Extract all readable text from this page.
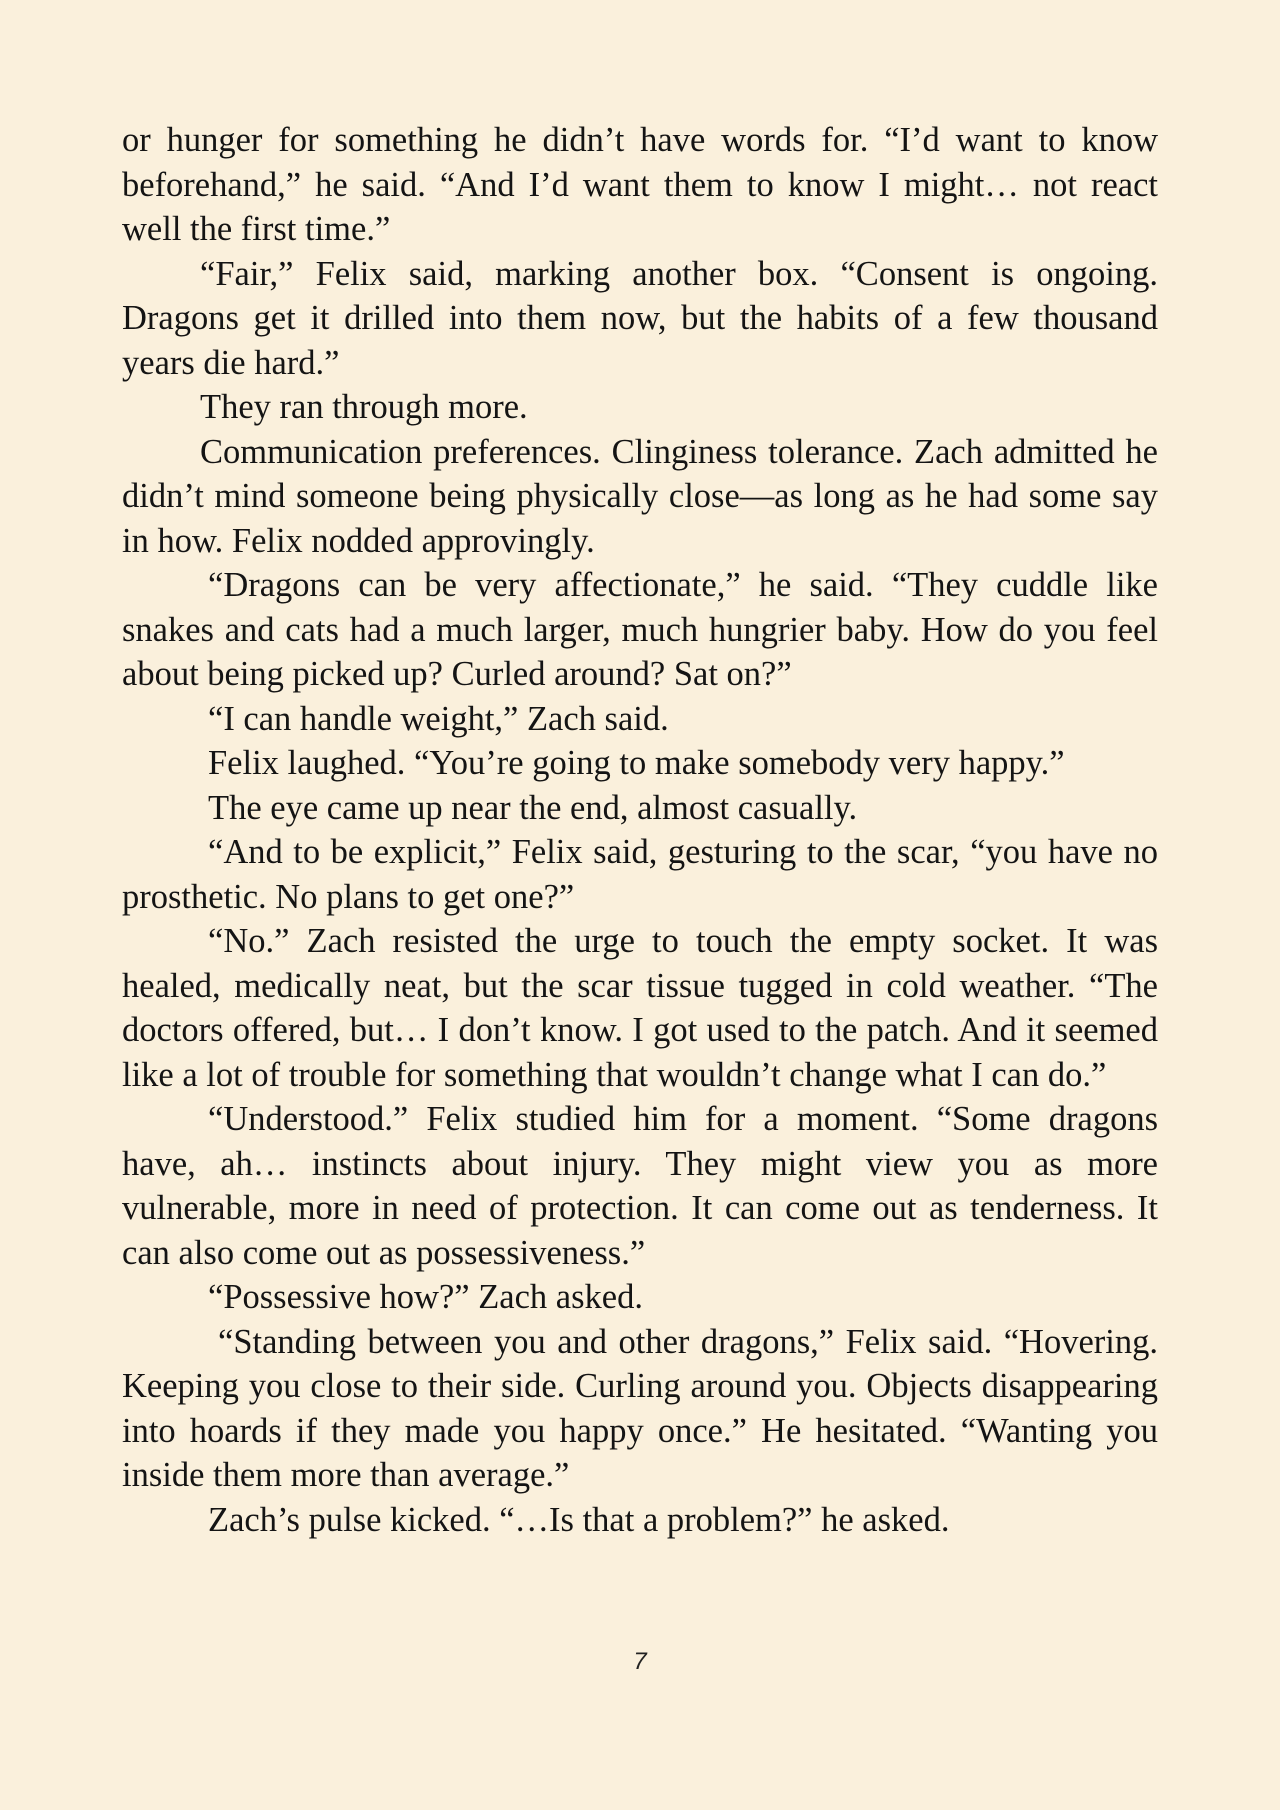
or hunger for something he didn’t have words for. “I’d want to know beforehand,” he said. “And I’d want them to know I might… not react well the first time.”

“Fair,” Felix said, marking another box. “Consent is ongoing. Dragons get it drilled into them now, but the habits of a few thousand years die hard.”

They ran through more.

Communication preferences. Clinginess tolerance. Zach admitted he didn’t mind someone being physically close—as long as he had some say in how. Felix nodded approvingly.

“Dragons can be very affectionate,” he said. “They cuddle like snakes and cats had a much larger, much hungrier baby. How do you feel about being picked up? Curled around? Sat on?”

“I can handle weight,” Zach said.

Felix laughed. “You’re going to make somebody very happy.”

The eye came up near the end, almost casually.

“And to be explicit,” Felix said, gesturing to the scar, “you have no prosthetic. No plans to get one?”

“No.” Zach resisted the urge to touch the empty socket. It was healed, medically neat, but the scar tissue tugged in cold weather. “The doctors offered, but… I don’t know. I got used to the patch. And it seemed like a lot of trouble for something that wouldn’t change what I can do.”

“Understood.” Felix studied him for a moment. “Some dragons have, ah… instincts about injury. They might view you as more vulnerable, more in need of protection. It can come out as tenderness. It can also come out as possessiveness.”

“Possessive how?” Zach asked.

“Standing between you and other dragons,” Felix said. “Hovering. Keeping you close to their side. Curling around you. Objects disappearing into hoards if they made you happy once.” He hesitated. “Wanting you inside them more than average.”

Zach’s pulse kicked. “…Is that a problem?” he asked.

7
